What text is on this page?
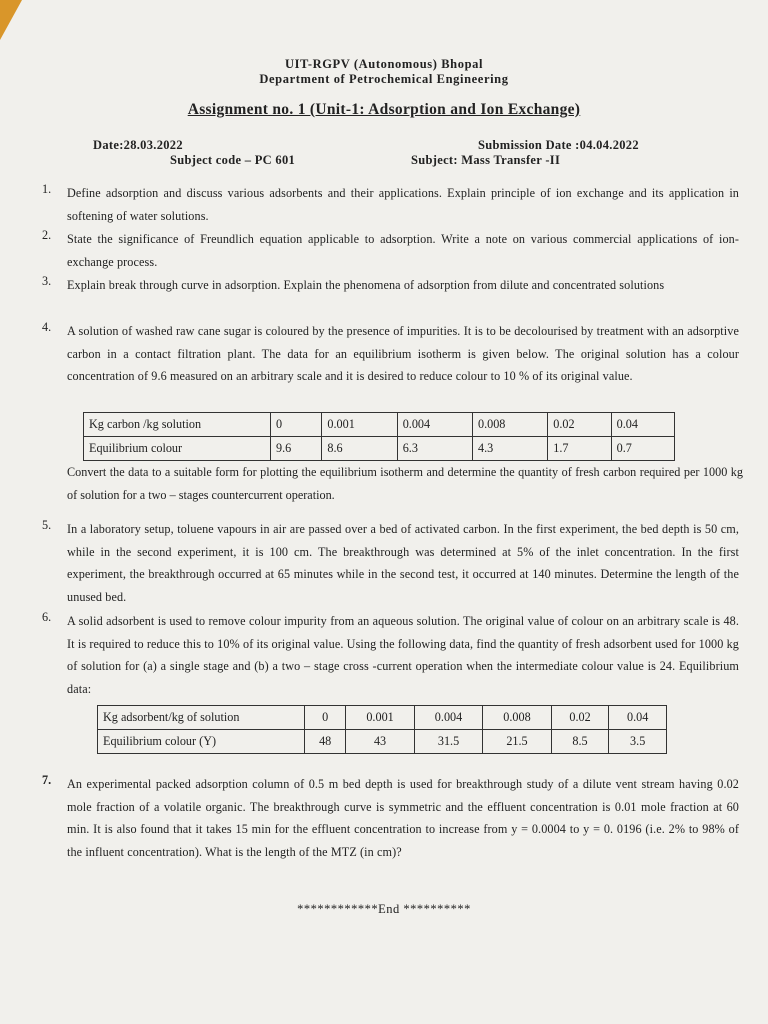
UIT-RGPV (Autonomous) Bhopal
Department of Petrochemical Engineering
Assignment no. 1 (Unit-1: Adsorption and Ion Exchange)
Date:28.03.2022	Submission Date :04.04.2022
Subject code – PC 601	Subject: Mass Transfer -II
1. Define adsorption and discuss various adsorbents and their applications. Explain principle of ion exchange and its application in softening of water solutions.
2. State the significance of Freundlich equation applicable to adsorption. Write a note on various commercial applications of ion-exchange process.
3. Explain break through curve in adsorption. Explain the phenomena of adsorption from dilute and concentrated solutions
4. A solution of washed raw cane sugar is coloured by the presence of impurities. It is to be decolourised by treatment with an adsorptive carbon in a contact filtration plant. The data for an equilibrium isotherm is given below. The original solution has a colour concentration of 9.6 measured on an arbitrary scale and it is desired to reduce colour to 10 % of its original value.
Kg carbon /kg solution	0	0.001	0.004	0.008	0.02	0.04
Equilibrium colour	9.6	8.6	6.3	4.3	1.7	0.7
Convert the data to a suitable form for plotting the equilibrium isotherm and determine the quantity of fresh carbon required per 1000 kg of solution for a two – stages countercurrent operation.
5. In a laboratory setup, toluene vapours in air are passed over a bed of activated carbon. In the first experiment, the bed depth is 50 cm, while in the second experiment, it is 100 cm. The breakthrough was determined at 5% of the inlet concentration. In the first experiment, the breakthrough occurred at 65 minutes while in the second test, it occurred at 140 minutes. Determine the length of the unused bed.
6. A solid adsorbent is used to remove colour impurity from an aqueous solution. The original value of colour on an arbitrary scale is 48. It is required to reduce this to 10% of its original value. Using the following data, find the quantity of fresh adsorbent used for 1000 kg of solution for (a) a single stage and (b) a two – stage cross -current operation when the intermediate colour value is 24. Equilibrium data:
Kg adsorbent/kg of solution	0	0.001	0.004	0.008	0.02	0.04
Equilibrium colour (Y)	48	43	31.5	21.5	8.5	3.5
7. An experimental packed adsorption column of 0.5 m bed depth is used for breakthrough study of a dilute vent stream having 0.02 mole fraction of a volatile organic. The breakthrough curve is symmetric and the effluent concentration is 0.01 mole fraction at 60 min. It is also found that it takes 15 min for the effluent concentration to increase from y = 0.0004 to y = 0. 0196 (i.e. 2% to 98% of the influent concentration). What is the length of the MTZ (in cm)?
************End **********
